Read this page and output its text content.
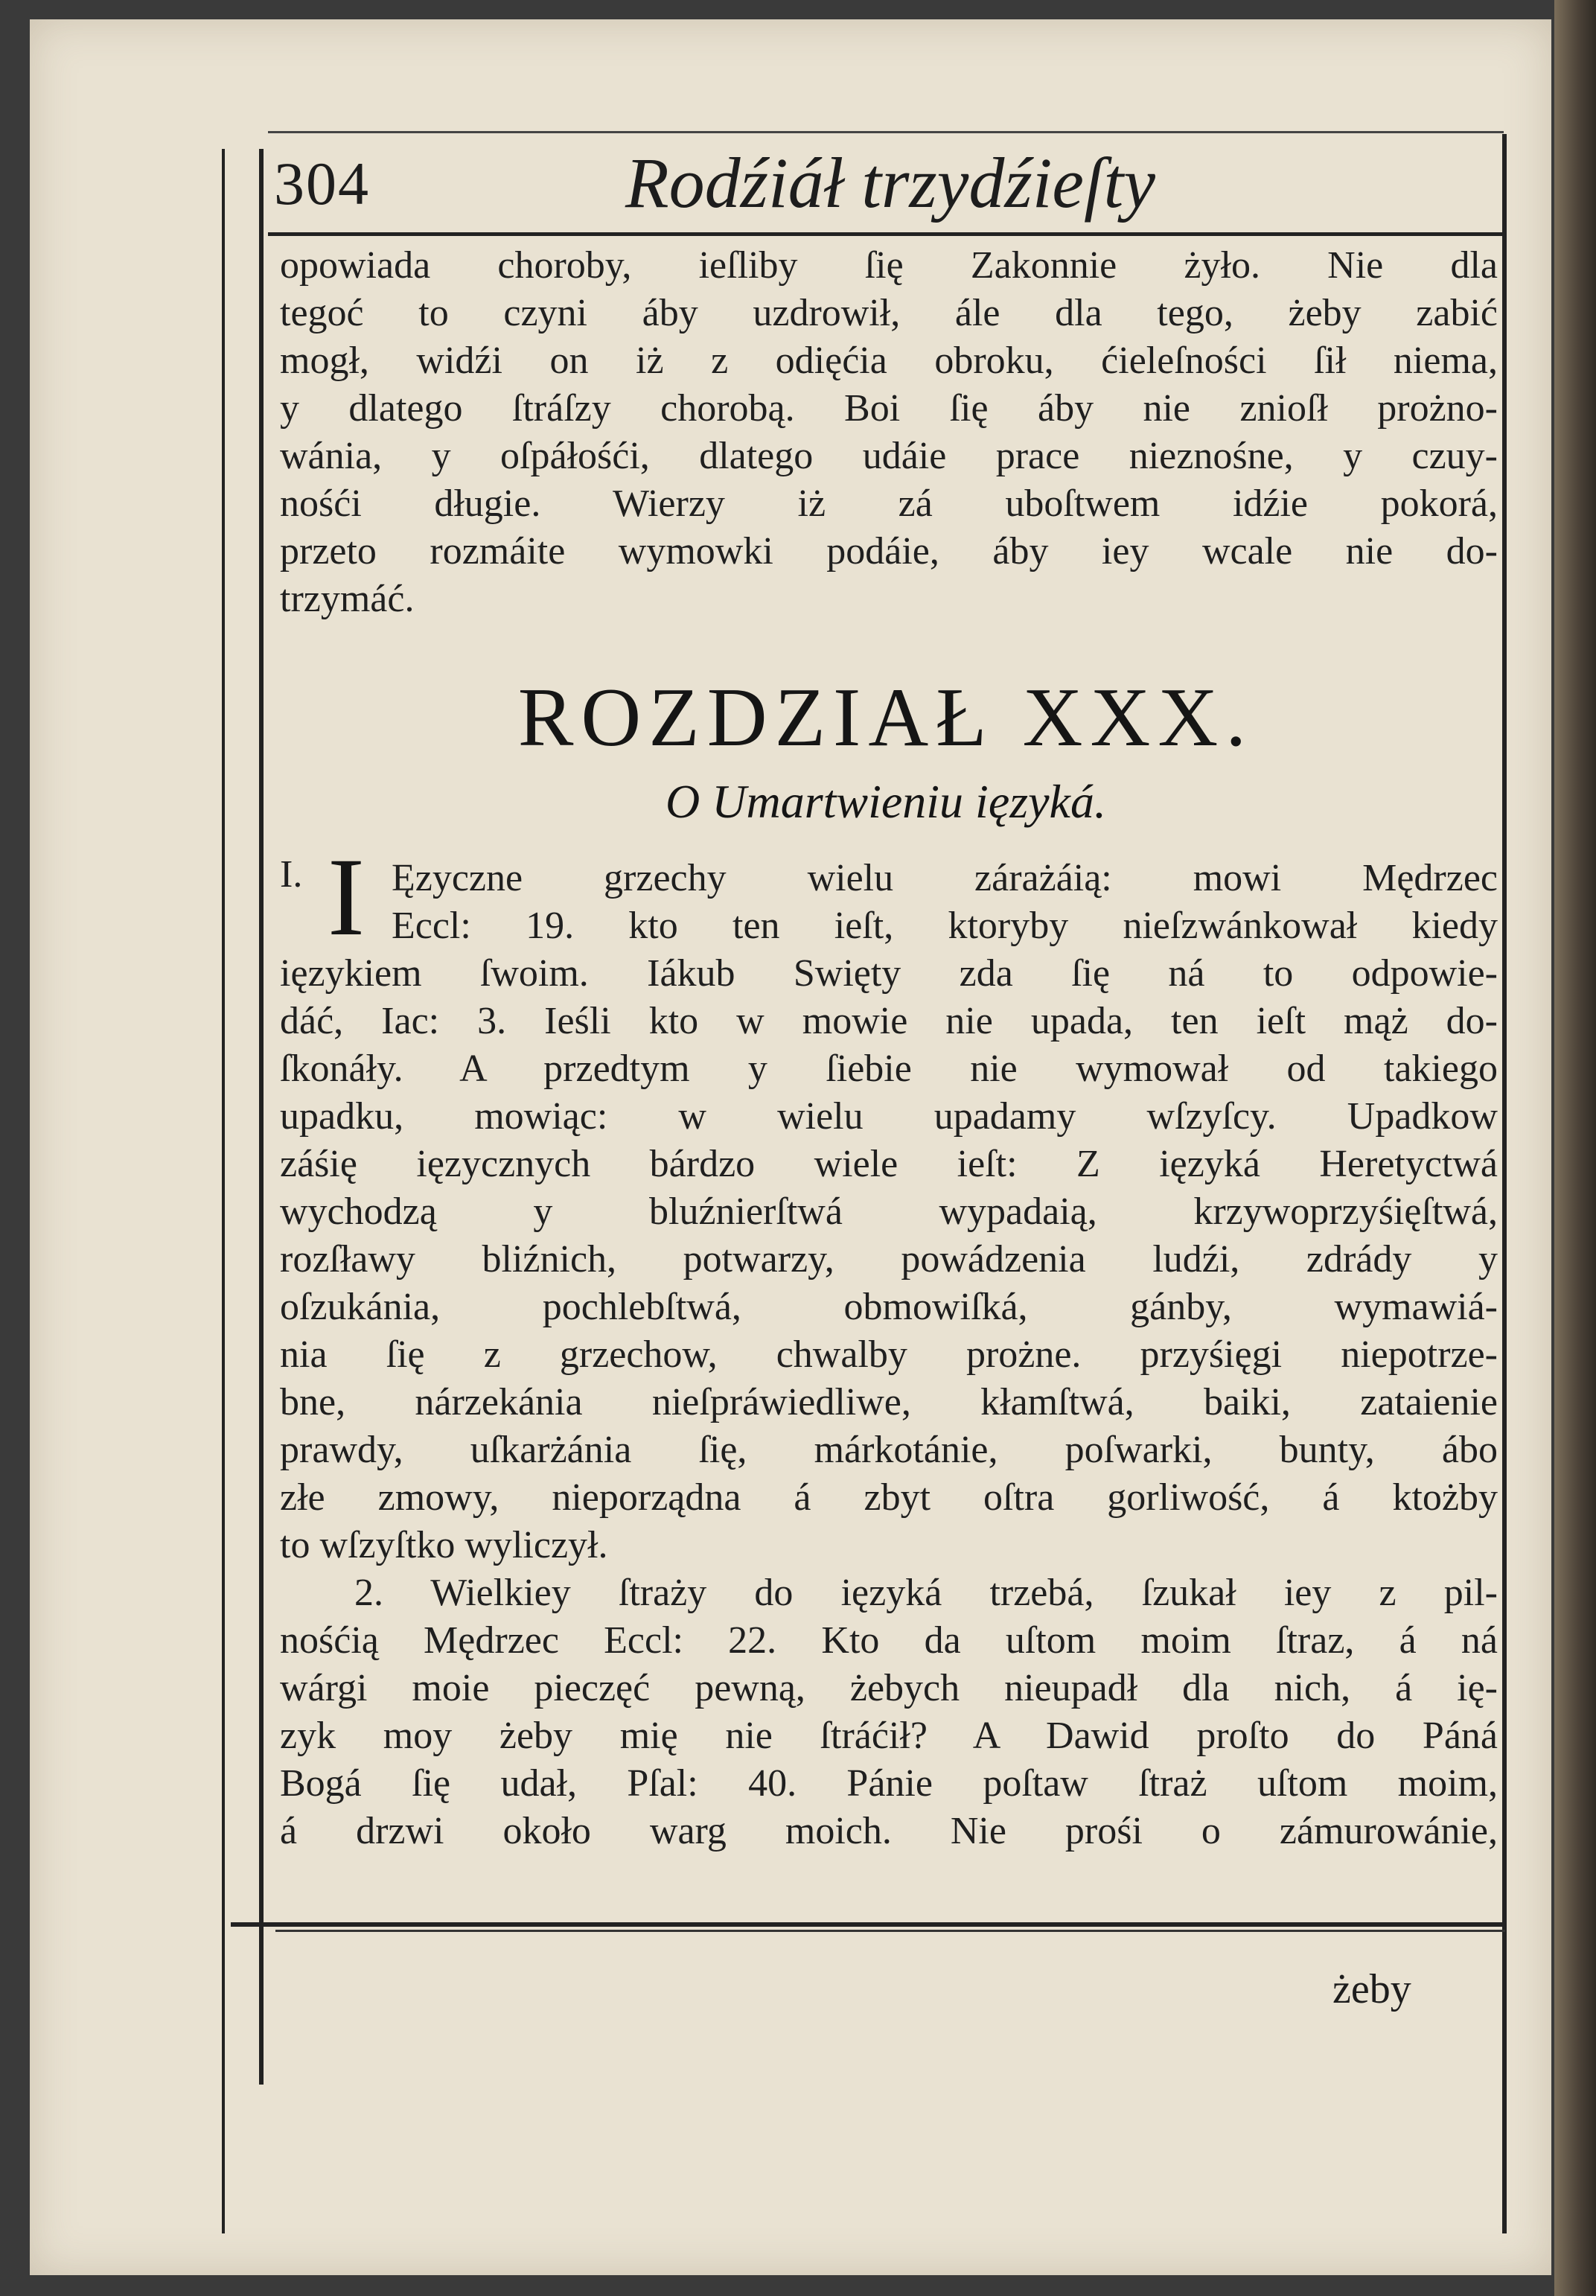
304	Rodźiáł trzydźieſty
opowiada choroby, ieſliby ſię Zakonnie żyło. Nie dla
tegoć to czyni áby uzdrowił, ále dla tego, żeby zabić
mogł, widźi on iż z odięćia obroku, ćieleſności ſił niema,
y dlatego ſtráſzy chorobą. Boi ſię áby nie znioſł prożno-
wánia, y oſpáłośći, dlatego udáie prace nieznośne, y czuy-
nośći długie. Wierzy iż zá uboſtwem idźie pokorá,
przeto rozmáite wymowki podáie, áby iey wcale nie do-
trzymáć.
ROZDZIAŁ XXX.
O Umartwieniu ięzyká.
I. I Ęzyczne grzechy wielu zárażáią: mowi Mędrzec
Eccl: 19. kto ten ieſt, ktoryby nieſzwánkował kiedy
ięzykiem ſwoim. Iákub Swięty zda ſię ná to odpowie-
dáć, Iac: 3. Ieśli kto w mowie nie upada, ten ieſt mąż do-
ſkonáły. A przedtym y ſiebie nie wymował od takiego
upadku, mowiąc: w wielu upadamy wſzyſcy. Upadkow
záśię ięzycznych bárdzo wiele ieſt: Z ięzyká Heretyctwá
wychodzą y bluźnierſtwá wypadaią, krzywoprzyśięſtwá,
rozſławy bliźnich, potwarzy, powádzenia ludźi, zdrády y
oſzukánia, pochlebſtwá, obmowiſká, gánby, wymawiá-
nia ſię z grzechow, chwalby prożne. przyśięgi niepotrze-
bne, nárzekánia nieſpráwiedliwe, kłamſtwá, baiki, zataienie
prawdy, uſkarżánia ſię, márkotánie, poſwarki, bunty, ábo
złe zmowy, nieporządna á zbyt oſtra gorliwość, á ktożby
to wſzyſtko wyliczył.
2. Wielkiey ſtraży do ięzyká trzebá, ſzukał iey z pil-
nośćią Mędrzec Eccl: 22. Kto da uſtom moim ſtraz, á ná
wárgi moie pieczęć pewną, żebych nieupadł dla nich, á ię-
zyk moy żeby mię nie ſtráćił? A Dawid proſto do Páná
Bogá ſię udał, Pſal: 40. Pánie poſtaw ſtraż uſtom moim,
á drzwi około warg moich. Nie prośi o zámurowánie,
żeby
